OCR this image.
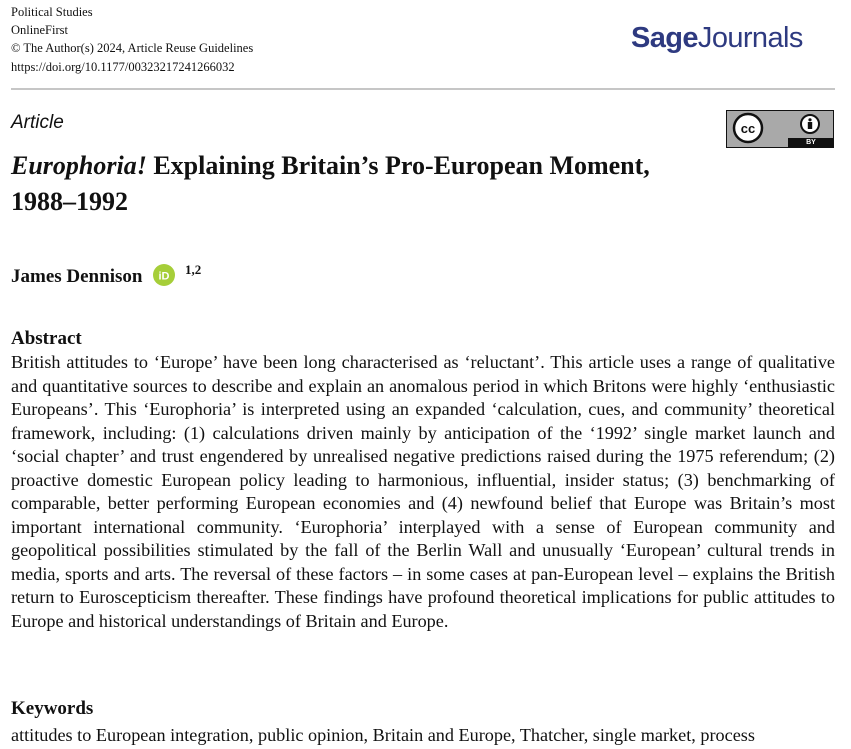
Political Studies
OnlineFirst
© The Author(s) 2024, Article Reuse Guidelines
https://doi.org/10.1177/00323217241266032
SageJournals
Article	cc
BY
Europhoria! Explaining Britain’s Pro-European Moment, 1988–1992
James Dennison iD $^{1,2}$
Abstract
British attitudes to ‘Europe’ have been long characterised as ‘reluctant’. This article uses a range of qualitative and quantitative sources to describe and explain an anomalous period in which Britons were highly ‘enthusiastic Europeans’. This ‘Europhoria’ is interpreted using an expanded ‘calculation, cues, and community’ theoretical framework, including: (1) calculations driven mainly by anticipation of the ‘1992’ single market launch and ‘social chapter’ and trust engendered by unrealised negative predictions raised during the 1975 referendum; (2) proactive domestic European policy leading to harmonious, influential, insider status; (3) benchmarking of comparable, better performing European economies and (4) newfound belief that Europe was Britain’s most important international community. ‘Europhoria’ interplayed with a sense of European community and geopolitical possibilities stimulated by the fall of the Berlin Wall and unusually ‘European’ cultural trends in media, sports and arts. The reversal of these factors – in some cases at pan-European level – explains the British return to Euroscepticism thereafter. These findings have profound theoretical implications for public attitudes to Europe and historical understandings of Britain and Europe.
Keywords
attitudes to European integration, public opinion, Britain and Europe, Thatcher, single market, process
